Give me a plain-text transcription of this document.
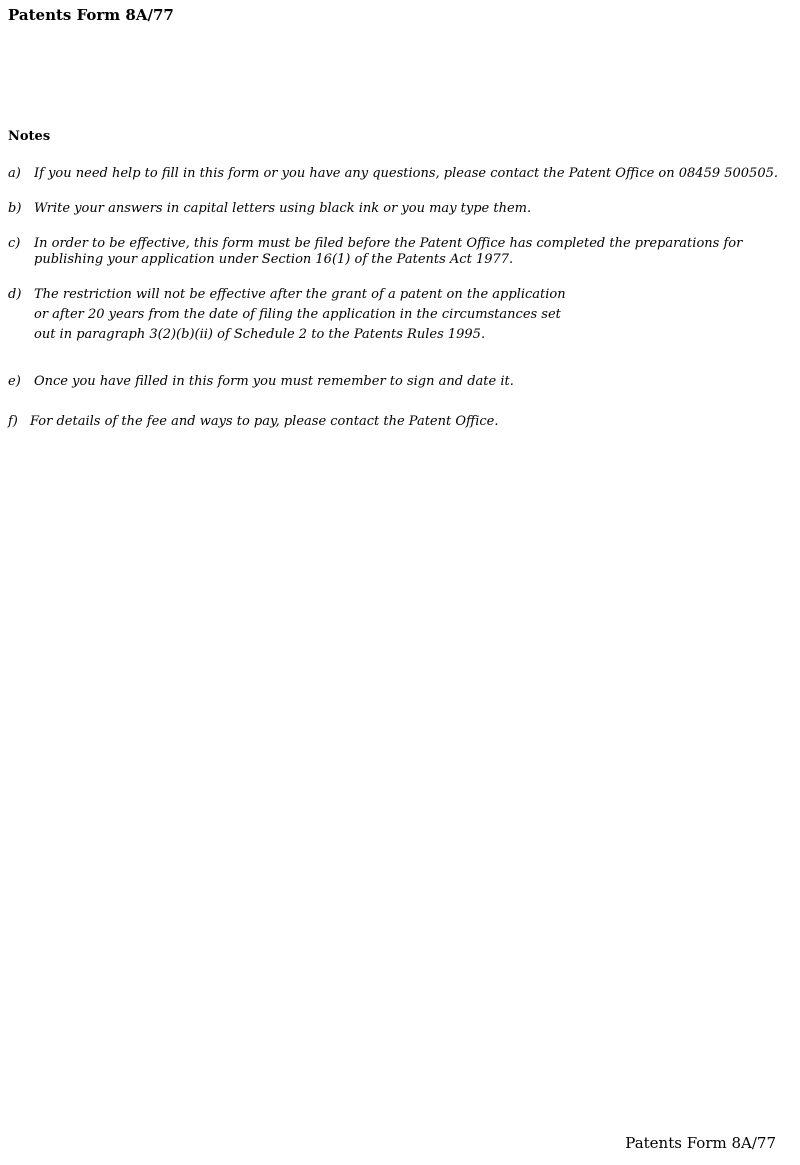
Patents Form 8A/77
Notes
a)	If you need help to fill in this form or you have any questions, please contact the Patent Office on 08459 500505.
b) Write your answers in capital letters using black ink or you may type them.
c)	In order to be effective, this form must be filed before the Patent Office has completed the preparations for
publishing your application under Section 16(1) of the Patents Act 1977.
d) The restriction will not be effective after the grant of a patent on the application
or after 20 years from the date of filing the application in the circumstances set
out in paragraph 3(2)(b)(ii) of Schedule 2 to the Patents Rules 1995.
e)	Once you have filled in this form you must remember to sign and date it.
f) For details of the fee and ways to pay, please contact the Patent Office.
Patents Form 8A/77
